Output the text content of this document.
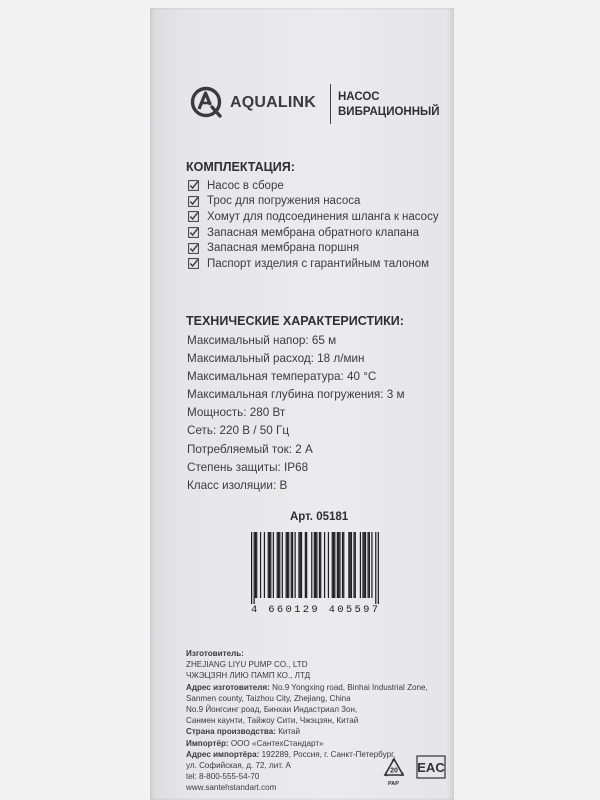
AQUALINK НАСОС
ВИБРАЦИОННЫЙ
КОМПЛЕКТАЦИЯ:
Насос в сборе
Трос для погружения насоса
Хомут для подсоединения шланга к насосу
Запасная мембрана обратного клапана
Запасная мембрана поршня
Паспорт изделия с гарантийным талоном
ТЕХНИЧЕСКИЕ ХАРАКТЕРИСТИКИ:
Максимальный напор: 65 м
Максимальный расход: 18 л/мин
Максимальная температура: 40 °С
Максимальная глубина погружения: 3 м
Мощность: 280 Вт
Сеть: 220 В / 50 Гц
Потребляемый ток: 2 А
Степень защиты: IP68
Класс изоляции: В
Арт. 05181
4 660129 405597
Изготовитель:
ZHEJIANG LIYU PUMP CO., LTD
ЧЖЭЦЗЯН ЛИЮ ПАМП КО., ЛТД
Адрес изготовителя: No.9 Yongxing road, Binhai Industrial Zone,
Sanmen county, Taizhou City, Zhejiang, China
No.9 Йонгсинг роад, Бинхаи Индастриал Зон,
Санмен каунти, Тайжоу Сити, Чжэцзян, Китай
Страна производства: Китай
Импортёр: ООО «СантехСтандарт»
Адрес импортёра: 192289, Россия, г. Санкт-Петербург,
ул. Софийская, д. 72, лит. А
tel: 8-800-555-54-70
www.santehstandart.com
20
PAP
EAC
